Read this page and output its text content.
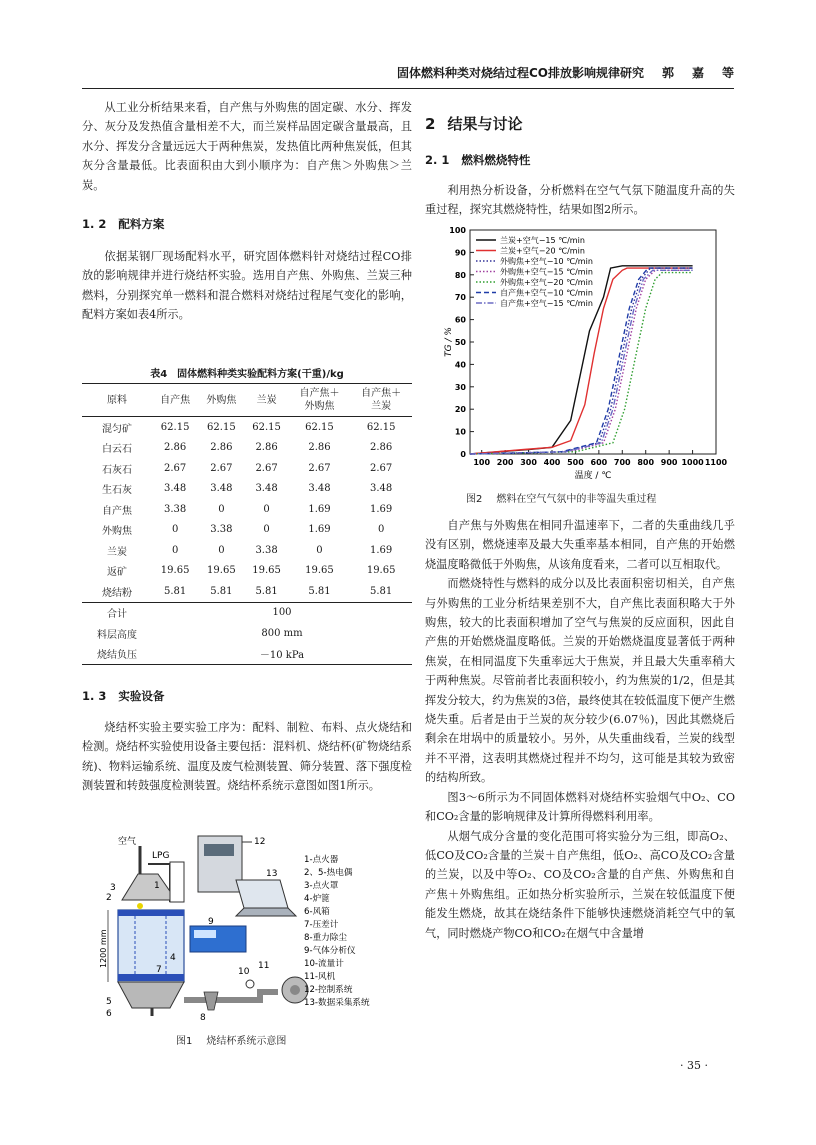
固体燃料种类对烧结过程CO排放影响规律研究 郭 嘉 等

从工业分析结果来看，自产焦与外购焦的固定碳、水分、挥发分、灰分及发热值含量相差不大，而兰炭样品固定碳含量最高，且水分、挥发分含量远远大于两种焦炭，发热值比两种焦炭低，但其灰分含量最低。比表面积由大到小顺序为：自产焦＞外购焦＞兰炭。

1. 2 配料方案

依据某钢厂现场配料水平，研究固体燃料针对烧结过程CO排放的影响规律并进行烧结杯实验。选用自产焦、外购焦、兰炭三种燃料，分别探究单一燃料和混合燃料对烧结过程尾气变化的影响，配料方案如表4所示。

表4　固体燃料种类实验配料方案(干重)/kg
原料	自产焦	外购焦	兰炭	自产焦＋
外购焦	自产焦＋
兰炭
混匀矿	62.15	62.15	62.15	62.15	62.15
白云石	2.86	2.86	2.86	2.86	2.86
石灰石	2.67	2.67	2.67	2.67	2.67
生石灰	3.48	3.48	3.48	3.48	3.48
自产焦	3.38	0	0	1.69	1.69
外购焦	0	3.38	0	1.69	0
兰炭	0	0	3.38	0	1.69
返矿	19.65	19.65	19.65	19.65	19.65
烧结粉	5.81	5.81	5.81	5.81	5.81
合计	100				
料层高度	800 mm				
烧结负压	－10 kPa				
1. 3 实验设备

烧结杯实验主要实验工序为：配料、制粒、布料、点火烧结和检测。烧结杯实验使用设备主要包括：混料机、烧结杯(矿物烧结系统)、物料运输系统、温度及废气检测装置、筛分装置、落下强度检测装置和转鼓强度检测装置。烧结杯系统示意图如图1所示。

空气
LPG
1200 mm
3
2
1
4
5
6
7
8
9
10
11
12
13
1-点火器
2、5-热电偶
3-点火罩
4-炉篦
6-风箱
7-压差计
8-重力除尘
9-气体分析仪
10-流量计
11-风机
12-控制系统
13-数据采集系统
图1 烧结杯系统示意图
2 结果与讨论
2. 1 燃料燃烧特性

利用热分析设备，分析燃料在空气气氛下随温度升高的失重过程，探究其燃烧特性，结果如图2所示。

0
10
20
30
40
50
60
70
80
90
100
100 200 300 400 500 600 700 800 900 1000 1100
温度 / ℃
TG / %
兰炭+空气−15 ℃/min
兰炭+空气−20 ℃/min
外购焦+空气−10 ℃/min
外购焦+空气−15 ℃/min
外购焦+空气−20 ℃/min
自产焦+空气−10 ℃/min
自产焦+空气−15 ℃/min
图2 燃料在空气气氛中的非等温失重过程

自产焦与外购焦在相同升温速率下，二者的失重曲线几乎没有区别，燃烧速率及最大失重率基本相同，自产焦的开始燃烧温度略微低于外购焦，从该角度看来，二者可以互相取代。

而燃烧特性与燃料的成分以及比表面积密切相关，自产焦与外购焦的工业分析结果差别不大，自产焦比表面积略大于外购焦，较大的比表面积增加了空气与焦炭的反应面积，因此自产焦的开始燃烧温度略低。兰炭的开始燃烧温度显著低于两种焦炭，在相同温度下失重率远大于焦炭，并且最大失重率稍大于两种焦炭。尽管前者比表面积较小，约为焦炭的1/2，但是其挥发分较大，约为焦炭的3倍，最终使其在较低温度下便产生燃烧失重。后者是由于兰炭的灰分较少(6.07％)，因此其燃烧后剩余在坩埚中的质量较小。另外，从失重曲线看，兰炭的线型并不平滑，这表明其燃烧过程并不均匀，这可能是其较为致密的结构所致。

图3～6所示为不同固体燃料对烧结杯实验烟气中O₂、CO和CO₂含量的影响规律及计算所得燃料利用率。

从烟气成分含量的变化范围可将实验分为三组，即高O₂、低CO及CO₂含量的兰炭＋自产焦组，低O₂、高CO及CO₂含量的兰炭，以及中等O₂、CO及CO₂含量的自产焦、外购焦和自产焦＋外购焦组。正如热分析实验所示，兰炭在较低温度下便能发生燃烧，故其在烧结条件下能够快速燃烧消耗空气中的氧气，同时燃烧产物CO和CO₂在烟气中含量增

· 35 ·
